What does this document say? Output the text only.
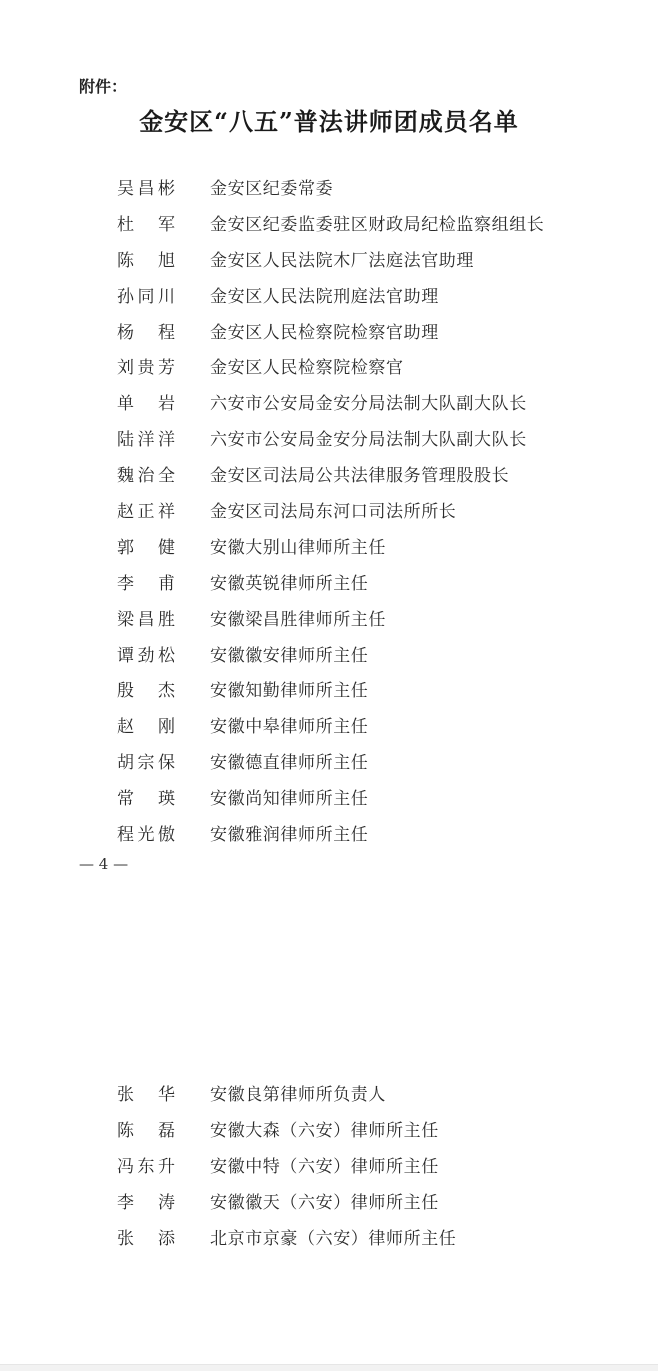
附件：
金安区“八五”普法讲师团成员名单
吴昌彬 金安区纪委常委
杜军 金安区纪委监委驻区财政局纪检监察组组长
陈旭 金安区人民法院木厂法庭法官助理
孙同川 金安区人民法院刑庭法官助理
杨程 金安区人民检察院检察官助理
刘贵芳 金安区人民检察院检察官
单岩 六安市公安局金安分局法制大队副大队长
陆洋洋 六安市公安局金安分局法制大队副大队长
魏治全 金安区司法局公共法律服务管理股股长
赵正祥 金安区司法局东河口司法所所长
郭健 安徽大别山律师所主任
李甫 安徽英锐律师所主任
梁昌胜 安徽梁昌胜律师所主任
谭劲松 安徽徽安律师所主任
殷杰 安徽知勤律师所主任
赵刚 安徽中皋律师所主任
胡宗保 安徽德直律师所主任
常瑛 安徽尚知律师所主任
程光傲 安徽雅润律师所主任
— 4 —
张华 安徽良第律师所负责人
陈磊 安徽大森（六安）律师所主任
冯东升 安徽中特（六安）律师所主任
李涛 安徽徽天（六安）律师所主任
张添 北京市京豪（六安）律师所主任
